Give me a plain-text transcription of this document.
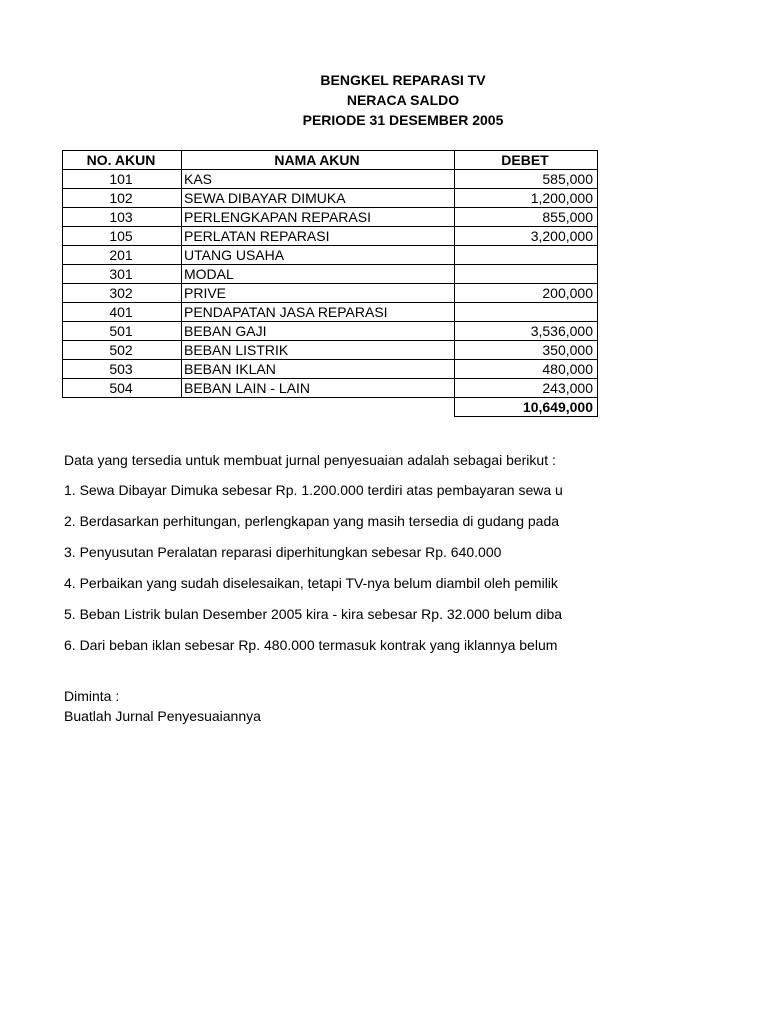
BENGKEL REPARASI TV
NERACA SALDO
PERIODE 31 DESEMBER 2005
NO. AKUN	NAMA AKUN	DEBET
101	KAS	585,000
102	SEWA DIBAYAR DIMUKA	1,200,000
103	PERLENGKAPAN REPARASI	855,000
105	PERLATAN REPARASI	3,200,000
201	UTANG USAHA	
301	MODAL	
302	PRIVE	200,000
401	PENDAPATAN JASA REPARASI	
501	BEBAN GAJI	3,536,000
502	BEBAN LISTRIK	350,000
503	BEBAN IKLAN	480,000
504	BEBAN LAIN - LAIN	243,000
		10,649,000
Data yang tersedia untuk membuat jurnal penyesuaian adalah sebagai berikut :
1. Sewa Dibayar Dimuka sebesar Rp. 1.200.000 terdiri atas pembayaran sewa u
2. Berdasarkan perhitungan, perlengkapan yang masih tersedia di gudang pada
3. Penyusutan Peralatan reparasi diperhitungkan sebesar Rp. 640.000
4. Perbaikan yang sudah diselesaikan, tetapi TV-nya belum diambil oleh pemilik
5. Beban Listrik bulan Desember 2005 kira - kira sebesar Rp. 32.000 belum diba
6. Dari beban iklan sebesar Rp. 480.000 termasuk kontrak yang iklannya belum
Diminta :
Buatlah Jurnal Penyesuaiannya
